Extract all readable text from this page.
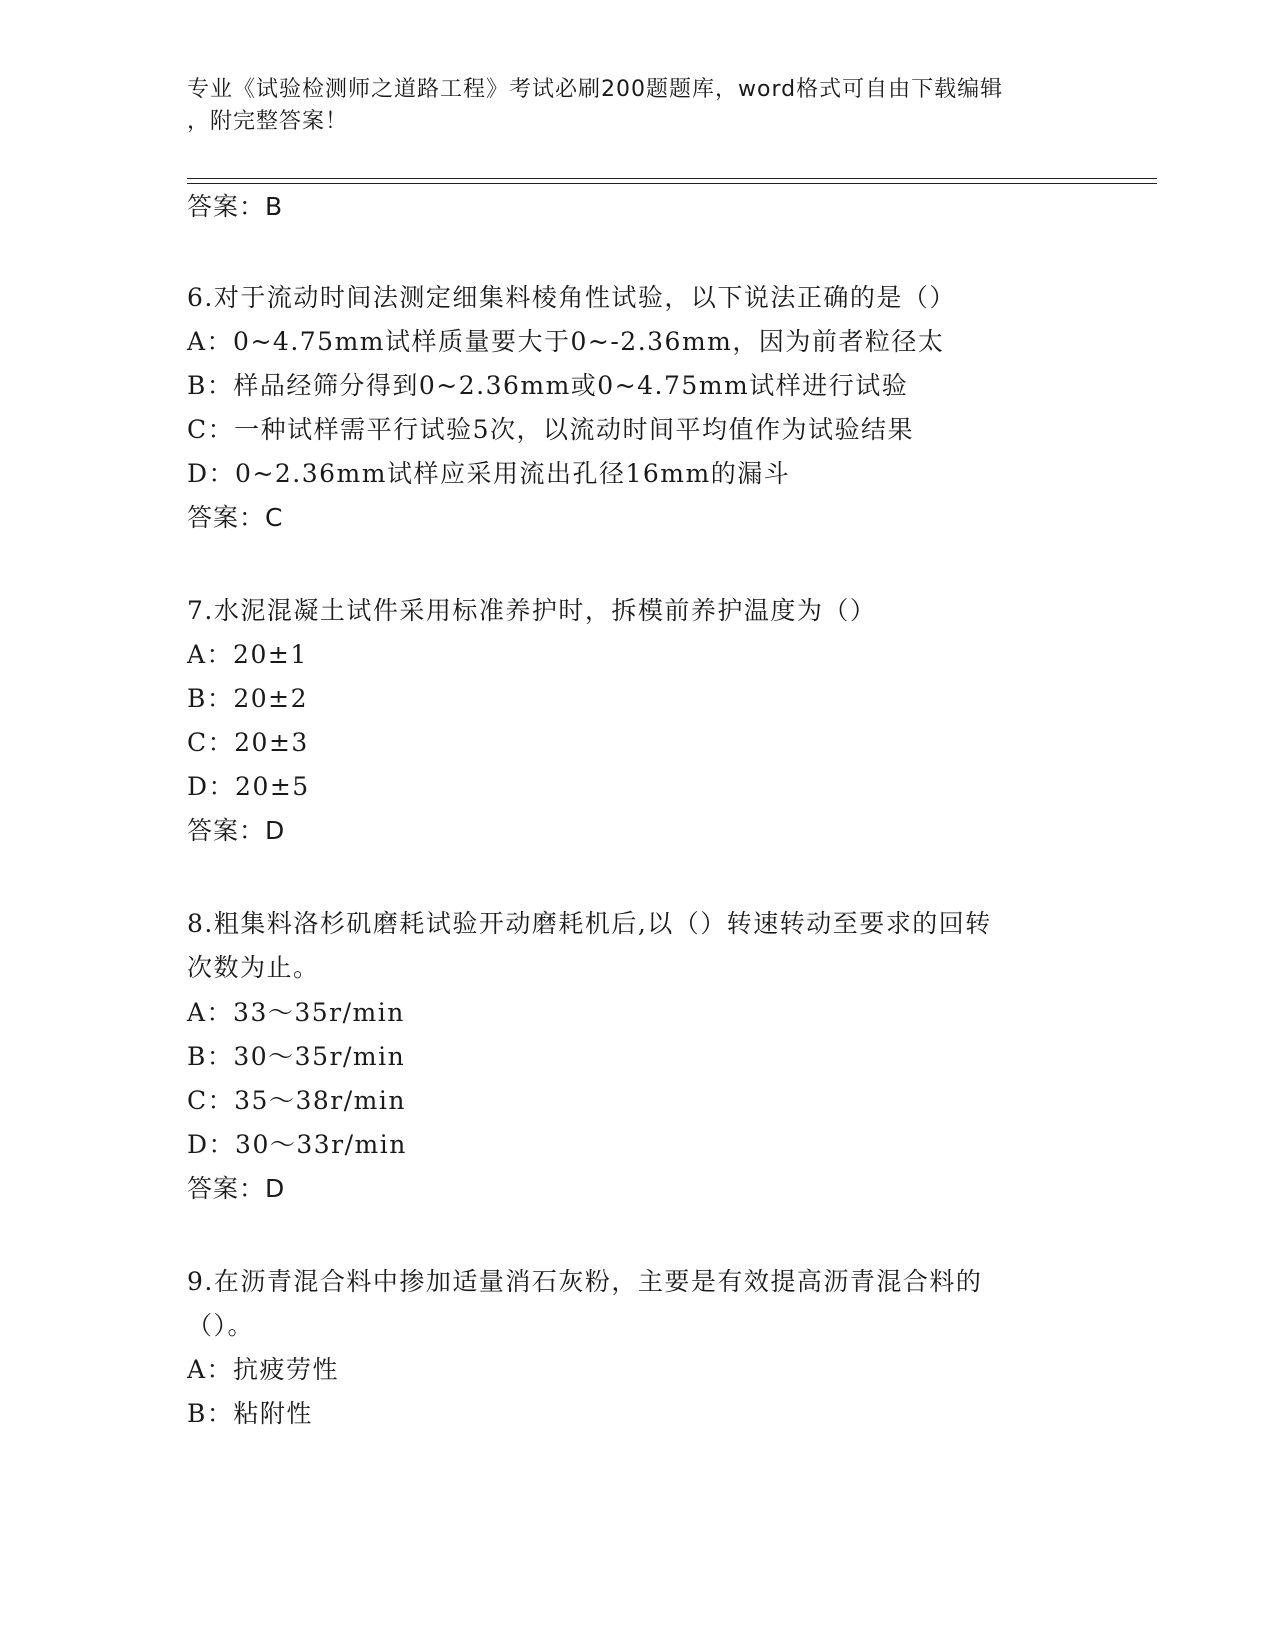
专业《试验检测师之道路工程》考试必刷200题题库，word格式可自由下载编辑
，附完整答案！
答案：B
6.对于流动时间法测定细集料棱角性试验，以下说法正确的是（）
A：0~4.75mm试样质量要大于0~-2.36mm，因为前者粒径太
B：样品经筛分得到0~2.36mm或0~4.75mm试样进行试验
C：一种试样需平行试验5次，以流动时间平均值作为试验结果
D：0~2.36mm试样应采用流出孔径16mm的漏斗
答案：C
7.水泥混凝土试件采用标准养护时，拆模前养护温度为（）
A：20±1
B：20±2
C：20±3
D：20±5
答案：D
8.粗集料洛杉矶磨耗试验开动磨耗机后,以（）转速转动至要求的回转
次数为止。
A：33～35r/min
B：30～35r/min
C：35～38r/min
D：30～33r/min
答案：D
9.在沥青混合料中掺加适量消石灰粉，主要是有效提高沥青混合料的
（）。
A：抗疲劳性
B：粘附性
